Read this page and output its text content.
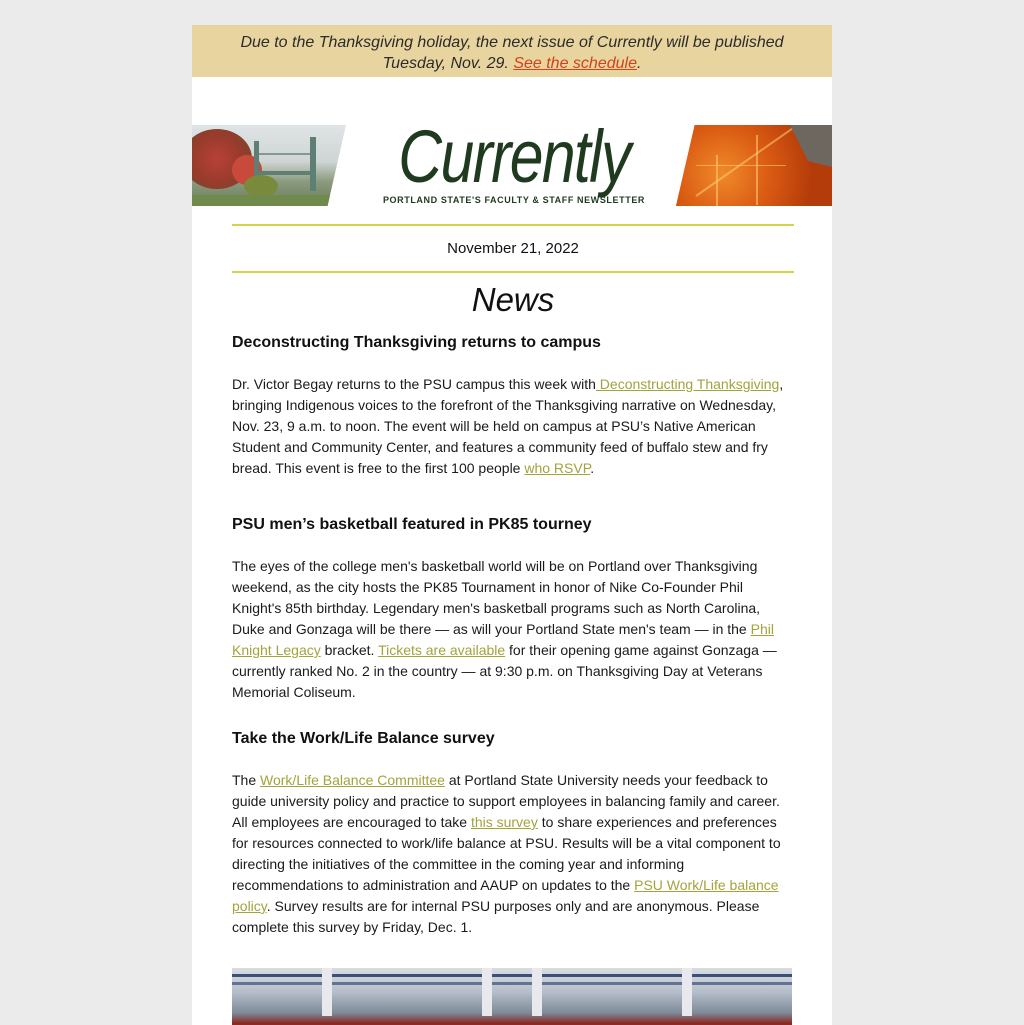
Due to the Thanksgiving holiday, the next issue of Currently will be published Tuesday, Nov. 29. See the schedule.
Currently
PORTLAND STATE'S FACULTY & STAFF NEWSLETTER
November 21, 2022
News
Deconstructing Thanksgiving returns to campus

Dr. Victor Begay returns to the PSU campus this week with Deconstructing Thanksgiving, bringing Indigenous voices to the forefront of the Thanksgiving narrative on Wednesday, Nov. 23, 9 a.m. to noon. The event will be held on campus at PSU’s Native American Student and Community Center, and features a community feed of buffalo stew and fry bread. This event is free to the first 100 people who RSVP.

PSU men’s basketball featured in PK85 tourney

The eyes of the college men's basketball world will be on Portland over Thanksgiving weekend, as the city hosts the PK85 Tournament in honor of Nike Co-Founder Phil Knight's 85th birthday. Legendary men's basketball programs such as North Carolina, Duke and Gonzaga will be there — as will your Portland State men's team — in the Phil Knight Legacy bracket. Tickets are available for their opening game against Gonzaga — currently ranked No. 2 in the country — at 9:30 p.m. on Thanksgiving Day at Veterans Memorial Coliseum.

Take the Work/Life Balance survey

The Work/Life Balance Committee at Portland State University needs your feedback to guide university policy and practice to support employees in balancing family and career. All employees are encouraged to take this survey to share experiences and preferences for resources connected to work/life balance at PSU. Results will be a vital component to directing the initiatives of the committee in the coming year and informing recommendations to administration and AAUP on updates to the PSU Work/Life balance policy. Survey results are for internal PSU purposes only and are anonymous. Please complete this survey by Friday, Dec. 1.
